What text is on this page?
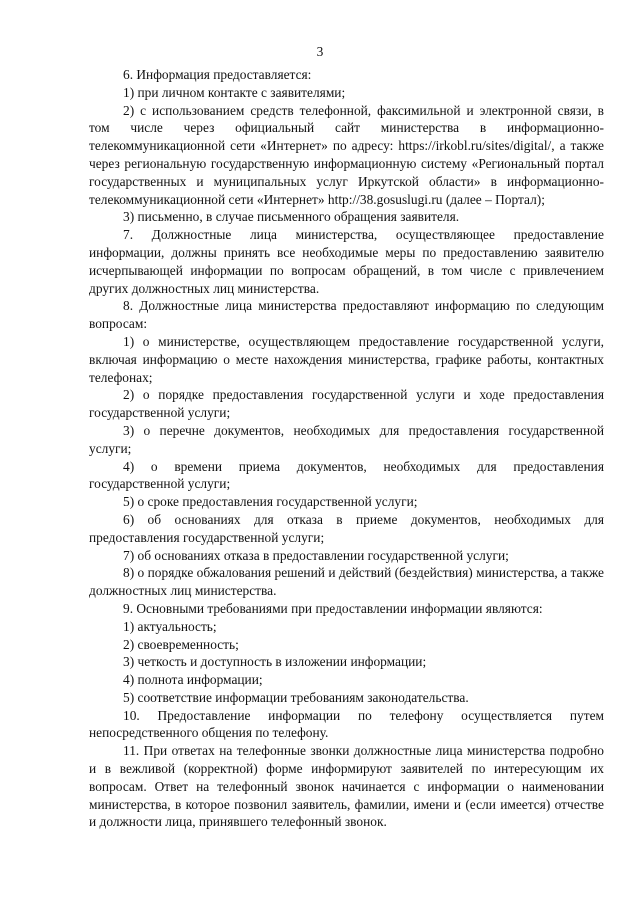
3

6. Информация предоставляется:

1) при личном контакте с заявителями;

2) с использованием средств телефонной, факсимильной и электронной связи, в том числе через официальный сайт министерства в информационно-телекоммуникационной сети «Интернет» по адресу: https://irkobl.ru/sites/digital/, а также через региональную государственную информационную систему «Региональный портал государственных и муниципальных услуг Иркутской области» в информационно-телекоммуникационной сети «Интернет» http://38.gosuslugi.ru (далее – Портал);

3) письменно, в случае письменного обращения заявителя.

7. Должностные лица министерства, осуществляющее предоставление информации, должны принять все необходимые меры по предоставлению заявителю исчерпывающей информации по вопросам обращений, в том числе с привлечением других должностных лиц министерства.

8. Должностные лица министерства предоставляют информацию по следующим вопросам:

1) о министерстве, осуществляющем предоставление государственной услуги, включая информацию о месте нахождения министерства, графике работы, контактных телефонах;

2) о порядке предоставления государственной услуги и ходе предоставления государственной услуги;

3) о перечне документов, необходимых для предоставления государственной услуги;

4) о времени приема документов, необходимых для предоставления государственной услуги;

5) о сроке предоставления государственной услуги;

6) об основаниях для отказа в приеме документов, необходимых для предоставления государственной услуги;

7) об основаниях отказа в предоставлении государственной услуги;

8) о порядке обжалования решений и действий (бездействия) министерства, а также должностных лиц министерства.

9. Основными требованиями при предоставлении информации являются:

1) актуальность;

2) своевременность;

3) четкость и доступность в изложении информации;

4) полнота информации;

5) соответствие информации требованиям законодательства.

10. Предоставление информации по телефону осуществляется путем непосредственного общения по телефону.

11. При ответах на телефонные звонки должностные лица министерства подробно и в вежливой (корректной) форме информируют заявителей по интересующим их вопросам. Ответ на телефонный звонок начинается с информации о наименовании министерства, в которое позвонил заявитель, фамилии, имени и (если имеется) отчестве и должности лица, принявшего телефонный звонок.
